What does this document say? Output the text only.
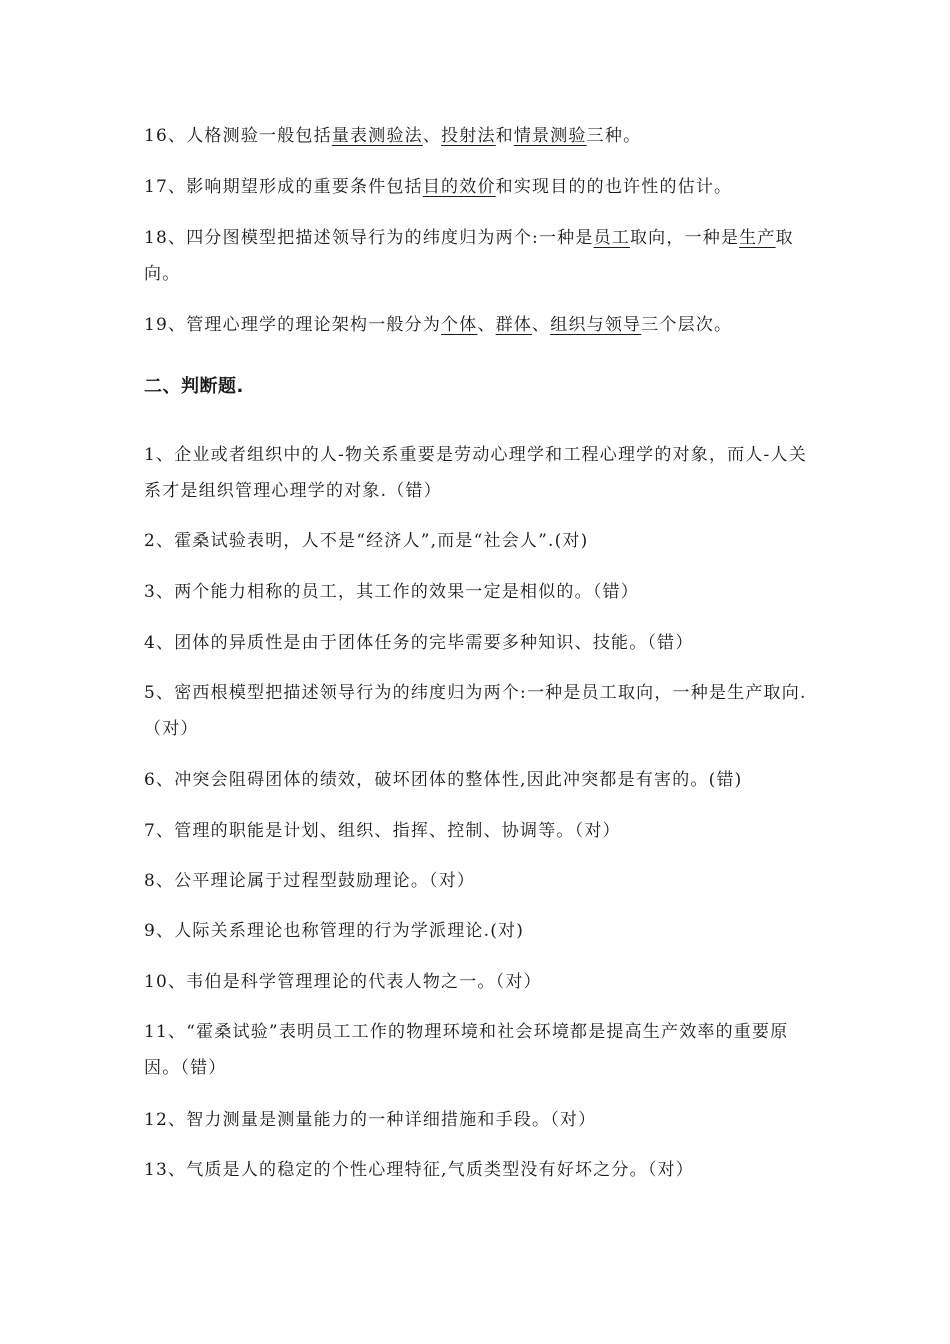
16、人格测验一般包括量表测验法、投射法和情景测验三种。
17、影响期望形成的重要条件包括目的效价和实现目的的也许性的估计。
18、四分图模型把描述领导行为的纬度归为两个:一种是员工取向，一种是生产取向。
19、管理心理学的理论架构一般分为个体、群体、组织与领导三个层次。
二、判断题.
1、企业或者组织中的人-物关系重要是劳动心理学和工程心理学的对象，而人-人关系才是组织管理心理学的对象.（错）
2、霍桑试验表明，人不是“经济人”,而是“社会人”.(对)
3、两个能力相称的员工，其工作的效果一定是相似的。（错）
4、团体的异质性是由于团体任务的完毕需要多种知识、技能。（错）
5、密西根模型把描述领导行为的纬度归为两个:一种是员工取向，一种是生产取向.（对）
6、冲突会阻碍团体的绩效，破坏团体的整体性,因此冲突都是有害的。(错)
7、管理的职能是计划、组织、指挥、控制、协调等。（对）
8、公平理论属于过程型鼓励理论。（对）
9、人际关系理论也称管理的行为学派理论.(对)
10、韦伯是科学管理理论的代表人物之一。（对）
11、“霍桑试验”表明员工工作的物理环境和社会环境都是提高生产效率的重要原因。（错）
12、智力测量是测量能力的一种详细措施和手段。（对）
13、气质是人的稳定的个性心理特征,气质类型没有好坏之分。（对）
